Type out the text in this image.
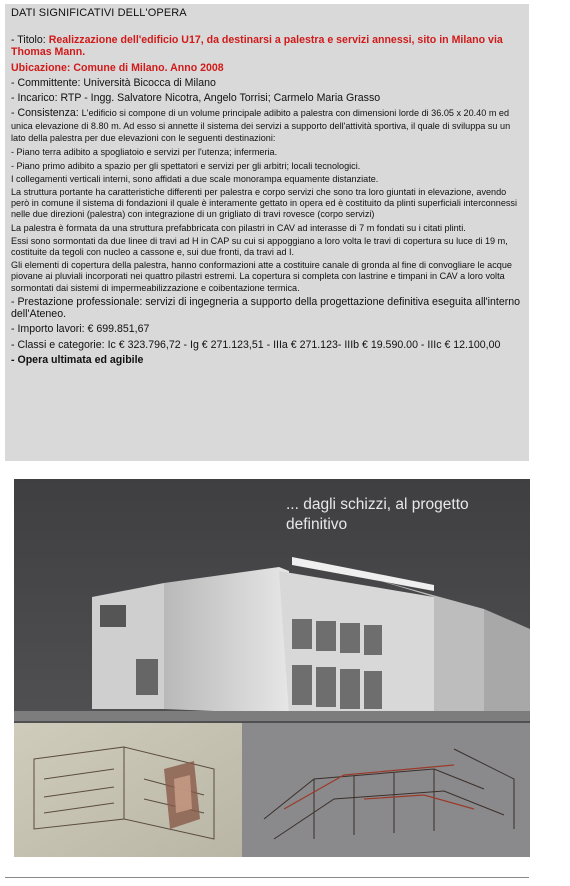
DATI SIGNIFICATIVI DELL'OPERA
- Titolo: Realizzazione dell'edificio U17, da destinarsi a palestra e servizi annessi, sito in Milano via Thomas Mann.
Ubicazione: Comune di Milano. Anno 2008
- Committente: Università Bicocca di Milano
- Incarico: RTP - Ingg. Salvatore Nicotra, Angelo Torrisi; Carmelo Maria Grasso
- Consistenza: L'edificio si compone di un volume principale adibito a palestra con dimensioni lorde di 36.05 x 20.40 m ed unica elevazione di 8.80 m. Ad esso si annette il sistema dei servizi a supporto dell'attività sportiva, il quale di sviluppa su un lato della palestra per due elevazioni con le seguenti destinazioni:
- Piano terra adibito a spogliatoio e servizi per l'utenza; infermeria.
- Piano primo adibito a spazio per gli spettatori e servizi per gli arbitri; locali tecnologici.
I collegamenti verticali interni, sono affidati a due scale monorampa equamente distanziate.
La struttura portante ha caratteristiche differenti per palestra e corpo servizi che sono tra loro giuntati in elevazione, avendo però in comune il sistema di fondazioni il quale è interamente gettato in opera ed è costituito da plinti superficiali interconnessi nelle due direzioni (palestra) con integrazione di un grigliato di travi rovesce (corpo servizi)
La palestra è formata da una struttura prefabbricata con pilastri in CAV ad interasse di 7 m fondati su i citati plinti.
Essi sono sormontati da due linee di travi ad H in CAP su cui si appoggiano a loro volta le travi di copertura su luce di 19 m, costituite da tegoli con nucleo a cassone e, sui due fronti, da travi ad I.
Gli elementi di copertura della palestra, hanno conformazioni atte a costituire canale di gronda al fine di convogliare le acque piovane ai pluviali incorporati nei quattro pilastri estremi. La copertura si completa con lastrine e timpani in CAV a loro volta sormontati dai sistemi di impermeabilizzazione e coibentazione termica.
- Prestazione professionale: servizi di ingegneria a supporto della progettazione definitiva eseguita all'interno dell'Ateneo.
- Importo lavori: € 699.851,67
- Classi e categorie: Ic € 323.796,72 - Ig € 271.123,51 - IIIa € 271.123- IIIb € 19.590.00 - IIIc € 12.100,00
- Opera ultimata ed agibile
... dagli schizzi, al progetto
definitivo
